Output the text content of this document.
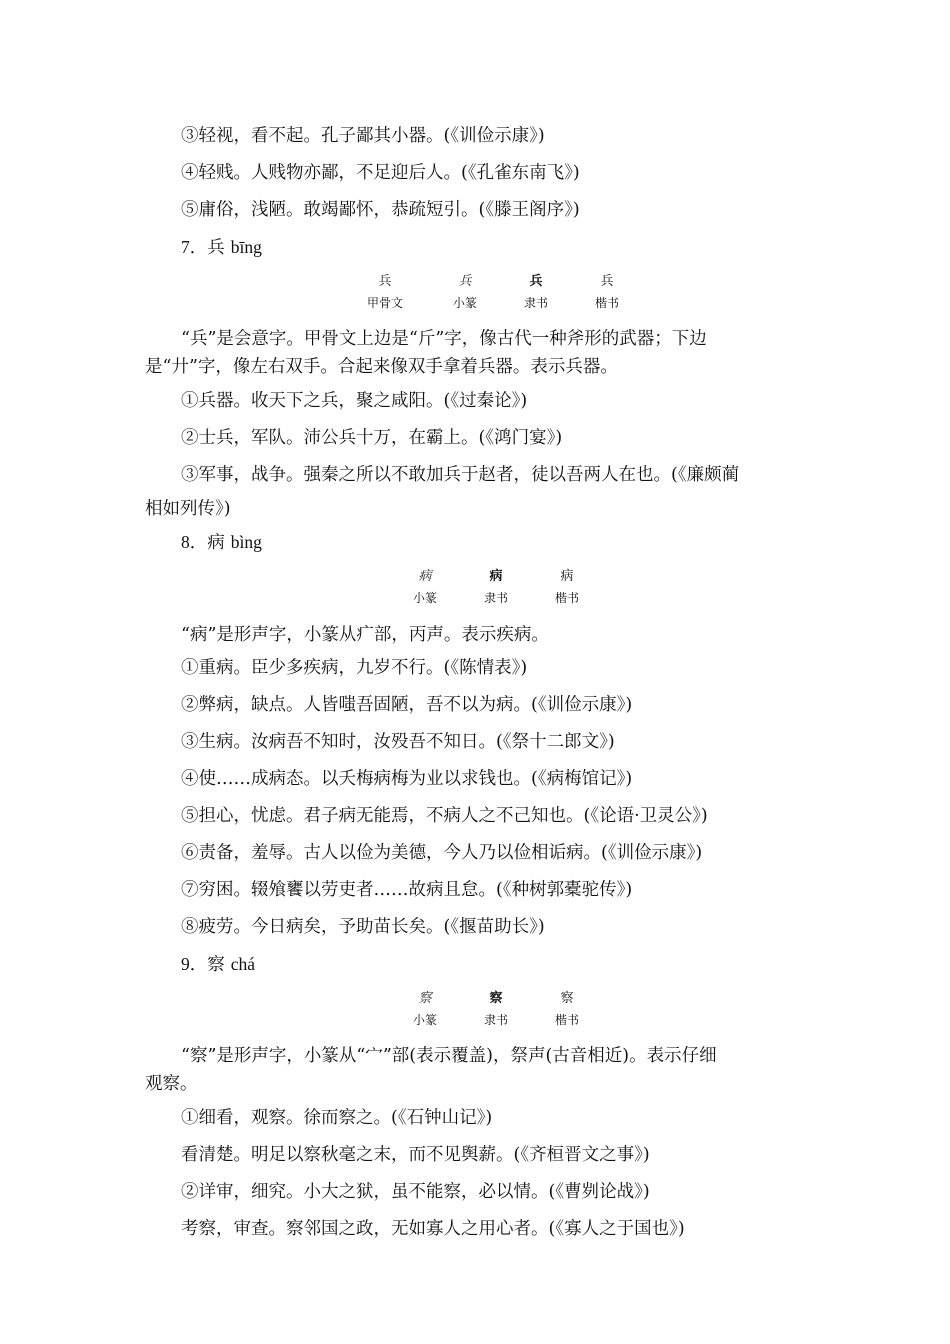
③轻视，看不起。孔子鄙其小器。(《训俭示康》)
④轻贱。人贱物亦鄙，不足迎后人。(《孔雀东南飞》)
⑤庸俗，浅陋。敢竭鄙怀，恭疏短引。(《滕王阁序》)
7．兵 bīng
兵
甲骨文
兵
小篆
兵
隶书
兵
楷书
“兵”是会意字。甲骨文上边是“斤”字，像古代一种斧形的武器；下边
是“廾”字，像左右双手。合起来像双手拿着兵器。表示兵器。
①兵器。收天下之兵，聚之咸阳。(《过秦论》)
②士兵，军队。沛公兵十万，在霸上。(《鸿门宴》)
③军事，战争。强秦之所以不敢加兵于赵者，徒以吾两人在也。(《廉颇蔺
相如列传》)
8．病 bìng
病
小篆
病
隶书
病
楷书
“病”是形声字，小篆从疒部，丙声。表示疾病。
①重病。臣少多疾病，九岁不行。(《陈情表》)
②弊病，缺点。人皆嗤吾固陋，吾不以为病。(《训俭示康》)
③生病。汝病吾不知时，汝殁吾不知日。(《祭十二郎文》)
④使……成病态。以夭梅病梅为业以求钱也。(《病梅馆记》)
⑤担心，忧虑。君子病无能焉，不病人之不己知也。(《论语·卫灵公》)
⑥责备，羞辱。古人以俭为美德，今人乃以俭相诟病。(《训俭示康》)
⑦穷困。辍飧饔以劳吏者……故病且怠。(《种树郭橐驼传》)
⑧疲劳。今日病矣，予助苗长矣。(《揠苗助长》)
9．察 chá
察
小篆
察
隶书
察
楷书
“察”是形声字，小篆从“宀”部(表示覆盖)，祭声(古音相近)。表示仔细
观察。
①细看，观察。徐而察之。(《石钟山记》)
看清楚。明足以察秋毫之末，而不见舆薪。(《齐桓晋文之事》)
②详审，细究。小大之狱，虽不能察，必以情。(《曹刿论战》)
考察，审查。察邻国之政，无如寡人之用心者。(《寡人之于国也》)
